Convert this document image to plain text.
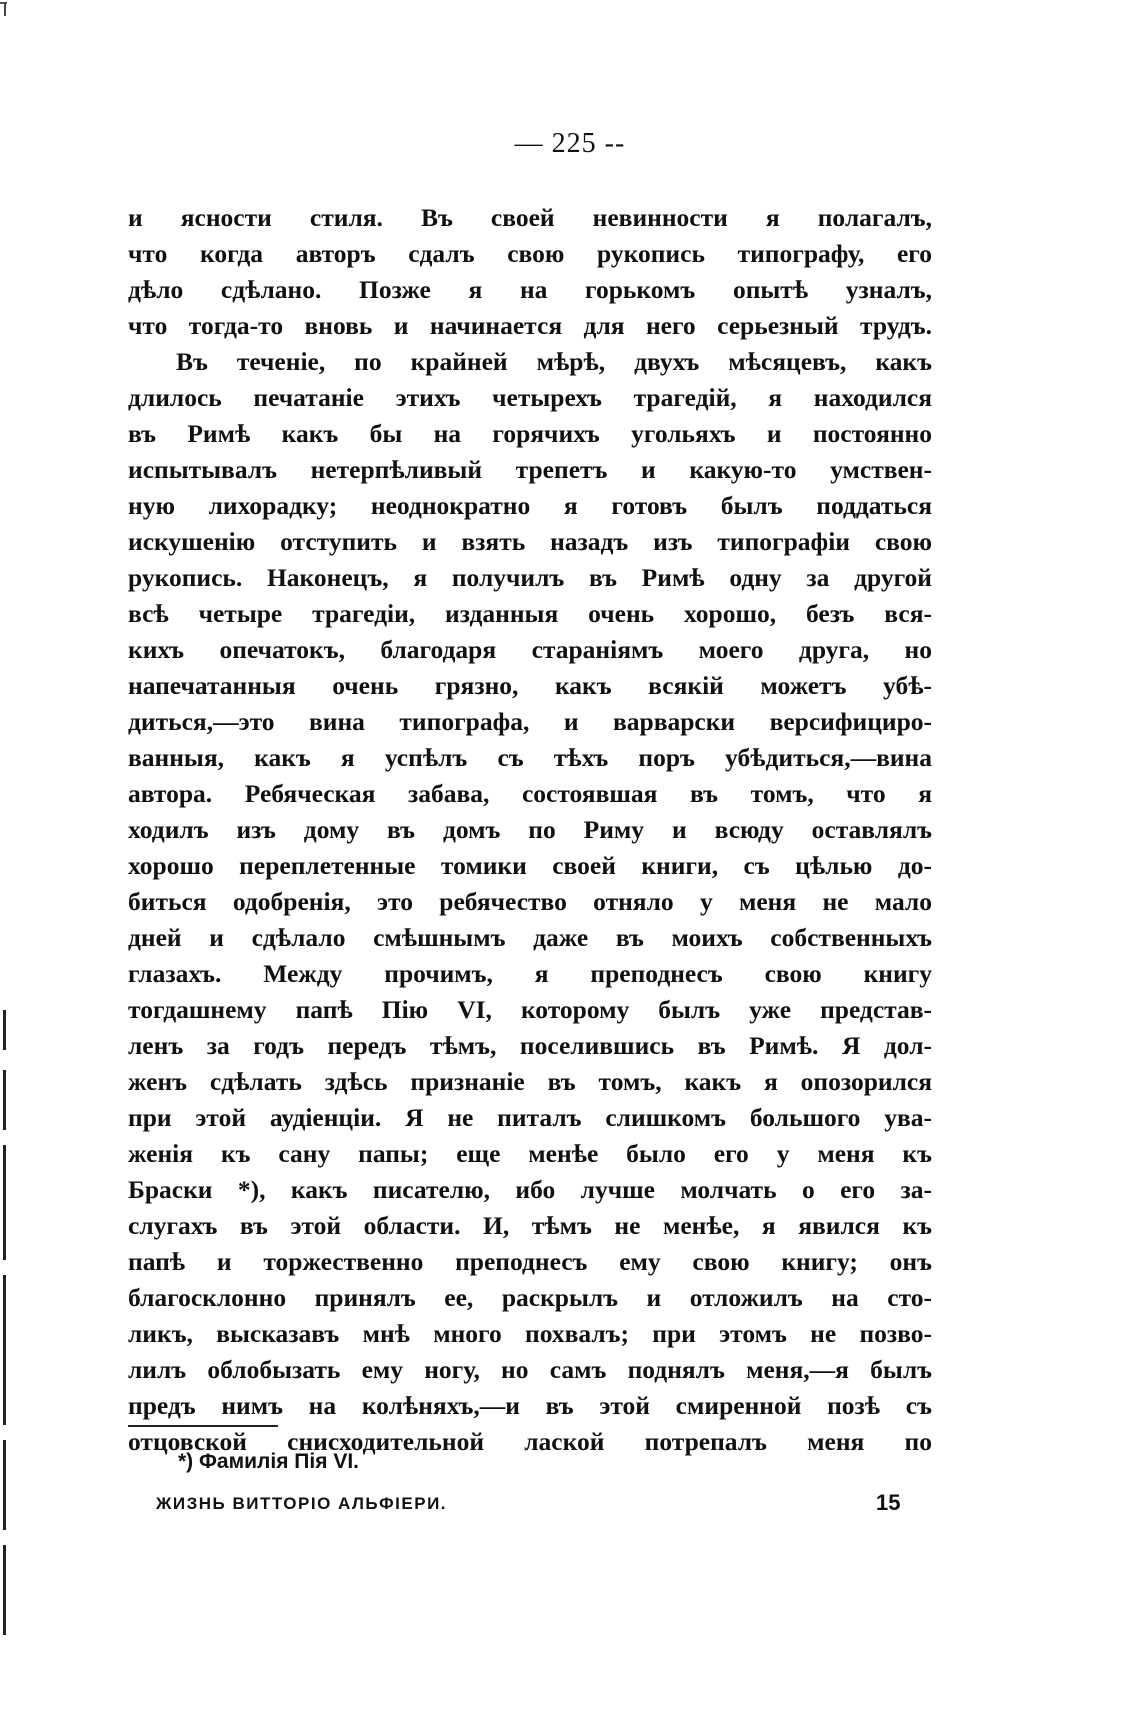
— 225 --
и ясности стиля. Въ своей невинности я полагалъ,
что когда авторъ сдалъ свою рукопись типографу, его
дѣло сдѣлано. Позже я на горькомъ опытѣ узналъ,
что тогда-то вновь и начинается для него серьезный трудъ.
Въ теченіе, по крайней мѣрѣ, двухъ мѣсяцевъ, какъ
длилось печатаніе этихъ четырехъ трагедій, я находился
въ Римѣ какъ бы на горячихъ угольяхъ и постоянно
испытывалъ нетерпѣливый трепетъ и какую-то умствен-
ную лихорадку; неоднократно я готовъ былъ поддаться
искушенію отступить и взять назадъ изъ типографіи свою
рукопись. Наконецъ, я получилъ въ Римѣ одну за другой
всѣ четыре трагедіи, изданныя очень хорошо, безъ вся-
кихъ опечатокъ, благодаря стараніямъ моего друга, но
напечатанныя очень грязно, какъ всякій можетъ убѣ-
диться,—это вина типографа, и варварски версифициро-
ванныя, какъ я успѣлъ съ тѣхъ поръ убѣдиться,—вина
автора. Ребяческая забава, состоявшая въ томъ, что я
ходилъ изъ дому въ домъ по Риму и всюду оставлялъ
хорошо переплетенные томики своей книги, съ цѣлью до-
биться одобренія, это ребячество отняло у меня не мало
дней и сдѣлало смѣшнымъ даже въ моихъ собственныхъ
глазахъ. Между прочимъ, я преподнесъ свою книгу
тогдашнему папѣ Пію VI, которому былъ уже представ-
ленъ за годъ передъ тѣмъ, поселившись въ Римѣ. Я дол-
женъ сдѣлать здѣсь признаніе въ томъ, какъ я опозорился
при этой аудіенціи. Я не питалъ слишкомъ большого ува-
женія къ сану папы; еще менѣе было его у меня къ
Браски *), какъ писателю, ибо лучше молчать о его за-
слугахъ въ этой области. И, тѣмъ не менѣе, я явился къ
папѣ и торжественно преподнесъ ему свою книгу; онъ
благосклонно принялъ ее, раскрылъ и отложилъ на сто-
ликъ, высказавъ мнѣ много похвалъ; при этомъ не позво-
лилъ облобызать ему ногу, но самъ поднялъ меня,—я былъ
предъ нимъ на колѣняхъ,—и въ этой смиренной позѣ съ
отцовской снисходительной лаской потрепалъ меня по
*) Фамилія Пія VI.
ЖИЗНЬ ВИТТОРІО АЛЬФІЕРИ.	15
